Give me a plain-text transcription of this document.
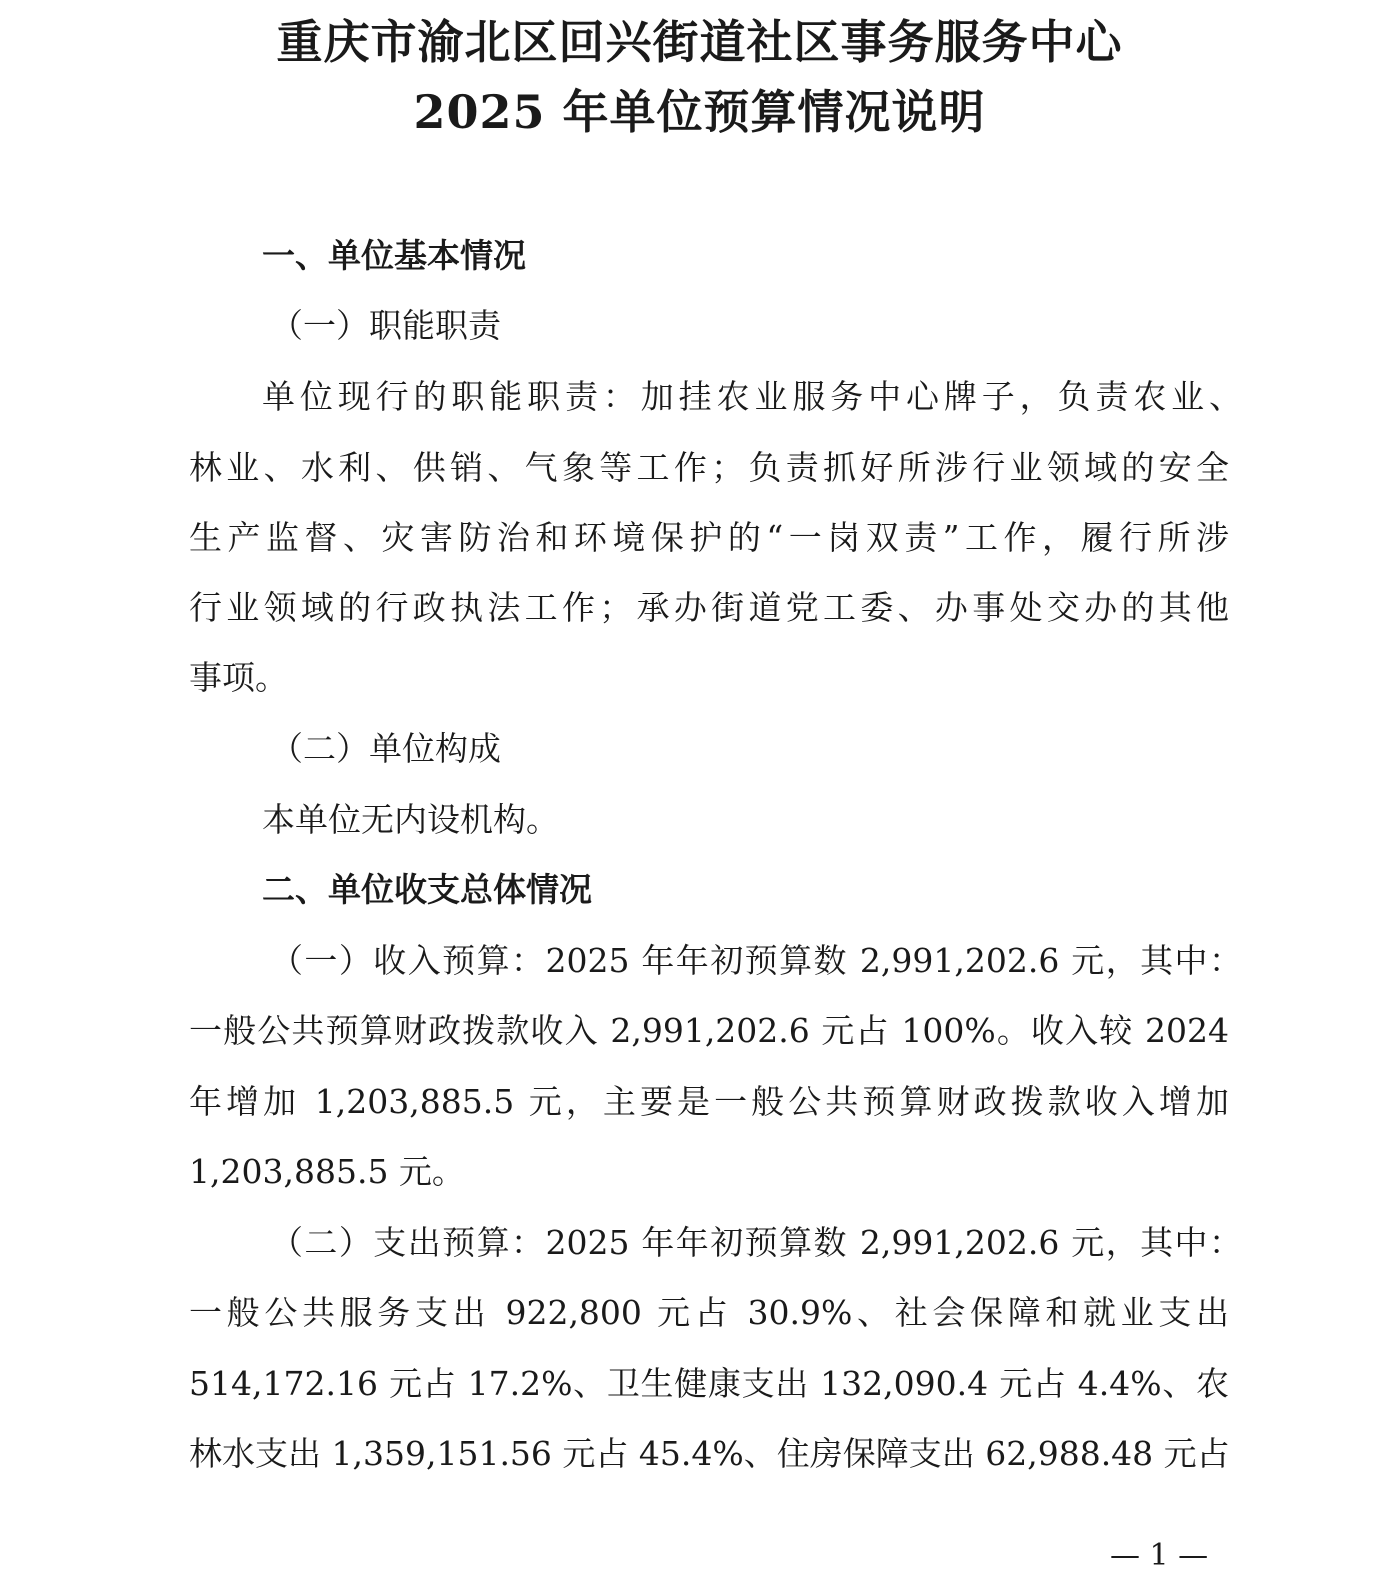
重庆市渝北区回兴街道社区事务服务中心
2025 年单位预算情况说明
一、单位基本情况
（一）职能职责
单位现行的职能职责：加挂农业服务中心牌子，负责农业、
林业、水利、供销、气象等工作；负责抓好所涉行业领域的安全
生产监督、灾害防治和环境保护的“一岗双责”工作，履行所涉
行业领域的行政执法工作；承办街道党工委、办事处交办的其他
事项。
（二）单位构成
本单位无内设机构。
二、单位收支总体情况
（一）收入预算：2025 年年初预算数 2,991,202.6 元，其中：
一般公共预算财政拨款收入 2,991,202.6 元占 100%。收入较 2024
年增加 1,203,885.5 元，主要是一般公共预算财政拨款收入增加
1,203,885.5 元。
（二）支出预算：2025 年年初预算数 2,991,202.6 元，其中：
一般公共服务支出 922,800 元占 30.9%、社会保障和就业支出
514,172.16 元占 17.2%、卫生健康支出 132,090.4 元占 4.4%、农
林水支出 1,359,151.56 元占 45.4%、住房保障支出 62,988.48 元占
— 1 —
